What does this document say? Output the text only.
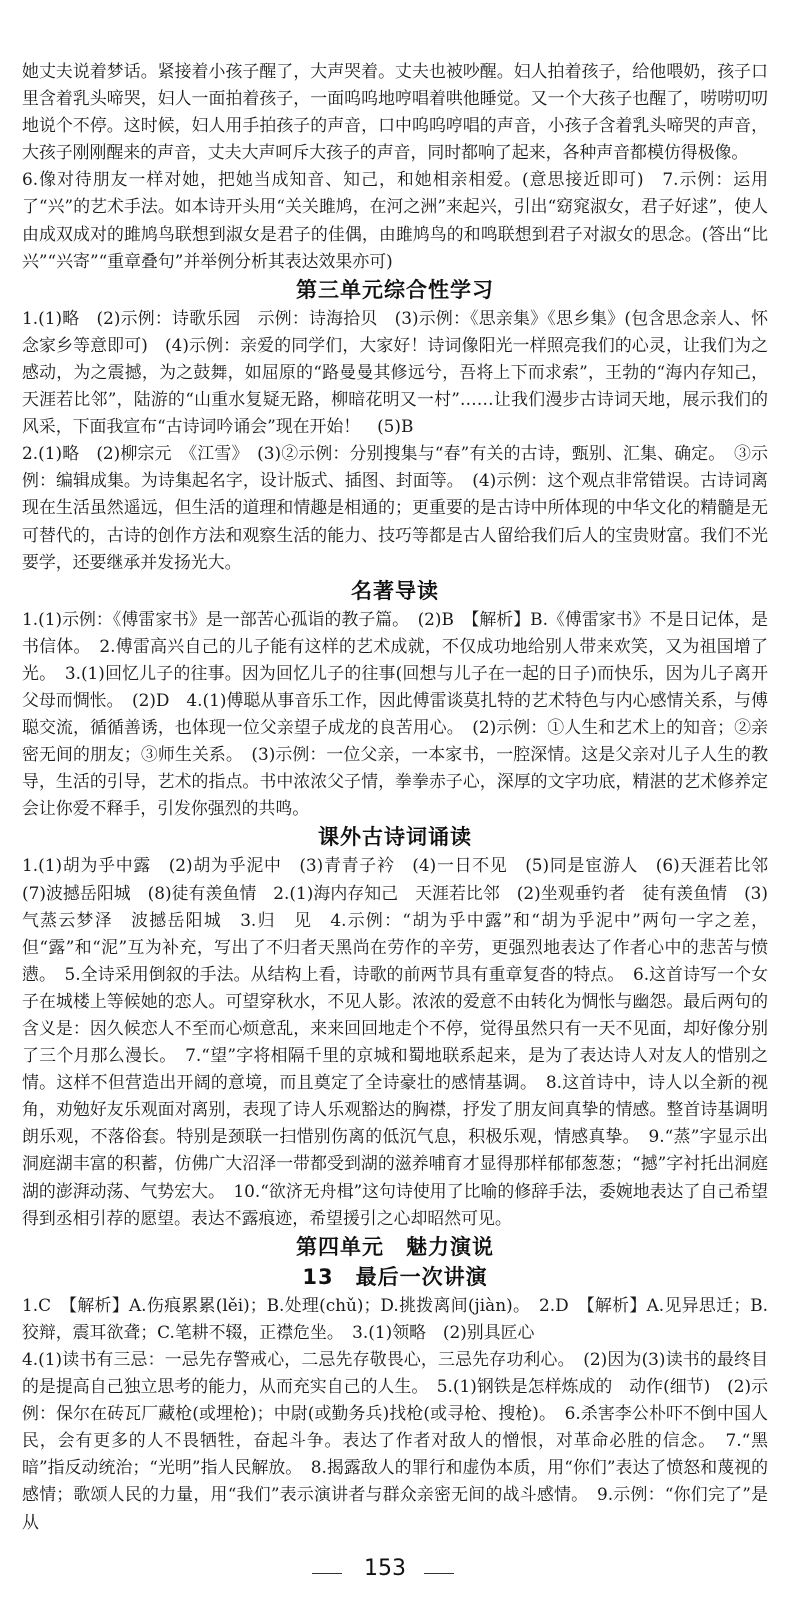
她丈夫说着梦话。紧接着小孩子醒了，大声哭着。丈夫也被吵醒。妇人拍着孩子，给他喂奶，孩子口里含着乳头啼哭，妇人一面拍着孩子，一面呜呜地哼唱着哄他睡觉。又一个大孩子也醒了，唠唠叨叨地说个不停。这时候，妇人用手拍孩子的声音，口中呜呜哼唱的声音，小孩子含着乳头啼哭的声音，大孩子刚刚醒来的声音，丈夫大声呵斥大孩子的声音，同时都响了起来，各种声音都模仿得极像。

6.像对待朋友一样对她，把她当成知音、知己，和她相亲相爱。(意思接近即可)　7.示例：运用了“兴”的艺术手法。如本诗开头用“关关雎鸠，在河之洲”来起兴，引出“窈窕淑女，君子好逑”，使人由成双成对的雎鸠鸟联想到淑女是君子的佳偶，由雎鸠鸟的和鸣联想到君子对淑女的思念。(答出“比兴”“兴寄”“重章叠句”并举例分析其表达效果亦可)

第三单元综合性学习

1.(1)略　(2)示例：诗歌乐园　示例：诗海拾贝　(3)示例：《思亲集》《思乡集》(包含思念亲人、怀念家乡等意即可)　(4)示例：亲爱的同学们，大家好！诗词像阳光一样照亮我们的心灵，让我们为之感动，为之震撼，为之鼓舞，如屈原的“路曼曼其修远兮，吾将上下而求索”，王勃的“海内存知己，天涯若比邻”，陆游的“山重水复疑无路，柳暗花明又一村”……让我们漫步古诗词天地，展示我们的风采，下面我宣布“古诗词吟诵会”现在开始！　(5)B

2.(1)略　(2)柳宗元　《江雪》　(3)②示例：分别搜集与“春”有关的古诗，甄别、汇集、确定。　③示例：编辑成集。为诗集起名字，设计版式、插图、封面等。　(4)示例：这个观点非常错误。古诗词离现在生活虽然遥远，但生活的道理和情趣是相通的；更重要的是古诗中所体现的中华文化的精髓是无可替代的，古诗的创作方法和观察生活的能力、技巧等都是古人留给我们后人的宝贵财富。我们不光要学，还要继承并发扬光大。

名著导读

1.(1)示例：《傅雷家书》是一部苦心孤诣的教子篇。　(2)B　【解析】B.《傅雷家书》不是日记体，是书信体。　2.傅雷高兴自己的儿子能有这样的艺术成就，不仅成功地给别人带来欢笑，又为祖国增了光。　3.(1)回忆儿子的往事。因为回忆儿子的往事(回想与儿子在一起的日子)而快乐，因为儿子离开父母而惆怅。　(2)D　4.(1)傅聪从事音乐工作，因此傅雷谈莫扎特的艺术特色与内心感情关系，与傅聪交流，循循善诱，也体现一位父亲望子成龙的良苦用心。　(2)示例：①人生和艺术上的知音；②亲密无间的朋友；③师生关系。　(3)示例：一位父亲，一本家书，一腔深情。这是父亲对儿子人生的教导，生活的引导，艺术的指点。书中浓浓父子情，拳拳赤子心，深厚的文字功底，精湛的艺术修养定会让你爱不释手，引发你强烈的共鸣。

课外古诗词诵读

1.(1)胡为乎中露　(2)胡为乎泥中　(3)青青子衿　(4)一日不见　(5)同是宦游人　(6)天涯若比邻　(7)波撼岳阳城　(8)徒有羡鱼情　2.(1)海内存知己　天涯若比邻　(2)坐观垂钓者　徒有羡鱼情　(3)气蒸云梦泽　波撼岳阳城　3.归　见　4.示例：“胡为乎中露”和“胡为乎泥中”两句一字之差，但“露”和“泥”互为补充，写出了不归者天黑尚在劳作的辛劳，更强烈地表达了作者心中的悲苦与愤懑。　5.全诗采用倒叙的手法。从结构上看，诗歌的前两节具有重章复沓的特点。　6.这首诗写一个女子在城楼上等候她的恋人。可望穿秋水，不见人影。浓浓的爱意不由转化为惆怅与幽怨。最后两句的含义是：因久候恋人不至而心烦意乱，来来回回地走个不停，觉得虽然只有一天不见面，却好像分别了三个月那么漫长。　7.“望”字将相隔千里的京城和蜀地联系起来，是为了表达诗人对友人的惜别之情。这样不但营造出开阔的意境，而且奠定了全诗豪壮的感情基调。　8.这首诗中，诗人以全新的视角，劝勉好友乐观面对离别，表现了诗人乐观豁达的胸襟，抒发了朋友间真挚的情感。整首诗基调明朗乐观，不落俗套。特别是颈联一扫惜别伤离的低沉气息，积极乐观，情感真挚。　9.“蒸”字显示出洞庭湖丰富的积蓄，仿佛广大沼泽一带都受到湖的滋养哺育才显得那样郁郁葱葱；“撼”字衬托出洞庭湖的澎湃动荡、气势宏大。　10.“欲济无舟楫”这句诗使用了比喻的修辞手法，委婉地表达了自己希望得到丞相引荐的愿望。表达不露痕迹，希望援引之心却昭然可见。

第四单元　魅力演说
13　最后一次讲演

1.C　【解析】A.伤痕累累(lěi)；B.处理(chǔ)；D.挑拨离间(jiàn)。　2.D　【解析】A.见异思迁；B.狡辩，震耳欲聋；C.笔耕不辍，正襟危坐。　3.(1)领略　(2)别具匠心

4.(1)读书有三忌：一忌先存警戒心，二忌先存敬畏心，三忌先存功利心。　(2)因为(3)读书的最终目的是提高自己独立思考的能力，从而充实自己的人生。　5.(1)钢铁是怎样炼成的　动作(细节)　(2)示例：保尔在砖瓦厂藏枪(或埋枪)；中尉(或勤务兵)找枪(或寻枪、搜枪)。　6.杀害李公朴吓不倒中国人民，会有更多的人不畏牺牲，奋起斗争。表达了作者对敌人的憎恨，对革命必胜的信念。　7.“黑暗”指反动统治；“光明”指人民解放。　8.揭露敌人的罪行和虚伪本质，用“你们”表达了愤怒和蔑视的感情；歌颂人民的力量，用“我们”表示演讲者与群众亲密无间的战斗感情。　9.示例：“你们完了”是从

153
